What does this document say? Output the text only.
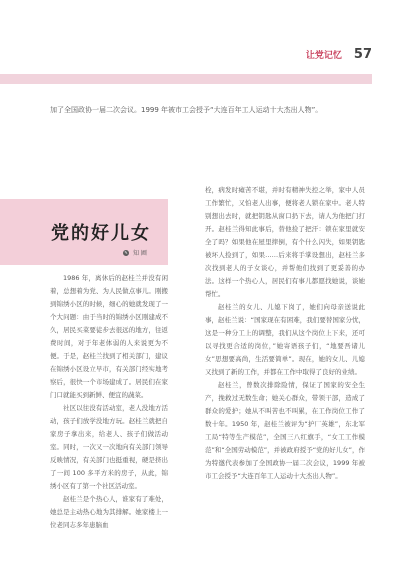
让党记忆 57
加了全国政协一届二次会议。1999 年被市工会授予“大连百年工人运动十大杰出人物”。
党的好儿女
✎ 知 圃

1986 年，离休后的赵桂兰并没有闲着，总想着为党、为人民做点事儿。刚搬到锦绣小区的时候，细心的她就发现了一个大问题：由于当时的锦绣小区刚建成不久，居民买菜要徒步去很远的地方，往返费时间，对于年老体弱的人来说更为不便。于是，赵桂兰找到了相关部门，建议在锦绣小区设立早市，有关部门经实地考察后，很快一个市场建成了。居民们在家门口就能买到新鲜、便宜的蔬菜。

社区以往没有活动室，老人没地方活动，孩子们放学没地方玩。赵桂兰就把自家房子拿出来，给老人、孩子们做活动室。同时，一次又一次地向有关部门领导反映情况，有关部门也挺重视，硬是挤出了一间 100 多平方米的房子，从此，锦绣小区有了第一个社区活动室。

赵桂兰是个热心人，谁家有了难处，她总是主动热心地为其排解。她家楼上一位老同志多年患脑血

栓，病发时瘫苦不堪，并时有精神失控之举，家中人员工作繁忙，又怕老人出事，便将老人锁在家中。老人特别想出去时，就把钥匙从窗口扔下去，请人为他把门打开。赵桂兰得知此事后，替他捡了把汗：锁在家里就安全了吗？如果他在屋里摔倒，有个什么闪失，如果钥匙被坏人捡到了，如果……后来将手掌设想出，赵桂兰多次找到老人的子女谈心，并帮他们找到了更妥善的办法。这样一个热心人，居民们有事儿都愿找她说，谈她帮忙。

赵桂兰的女儿、儿媳下岗了，她们向母亲送说此事，赵桂兰说：“国家现在有困难，我们要替国家分忧，这是一种分工上的调整，我们从这个岗位上下来，还可以寻找更合适的岗位，”她寄语孩子们，“地要吾诸儿女”思想要高尚，生活要简单”。现在，她的女儿、儿媳又找到了新的工作，并都在工作中取得了良好的业绩。

赵桂兰，曾数次排除险情，保证了国家的安全生产，挽救过无数生命；她关心群众，带领干部，造成了群众的爱护；她从不叫苦也不叫累，在工作岗位工作了数十年。1950 年，赵桂兰被评为“护厂英雄”，东北军工局“特等生产模范”，全国三八红旗手，“女工工作模范”和“全国劳动模范”，并被政府授予“党的好儿女”，作为特邀代表参加了全国政协一届二次会议，1999 年被市工会授予“大连百年工人运动十大杰出人物”。
